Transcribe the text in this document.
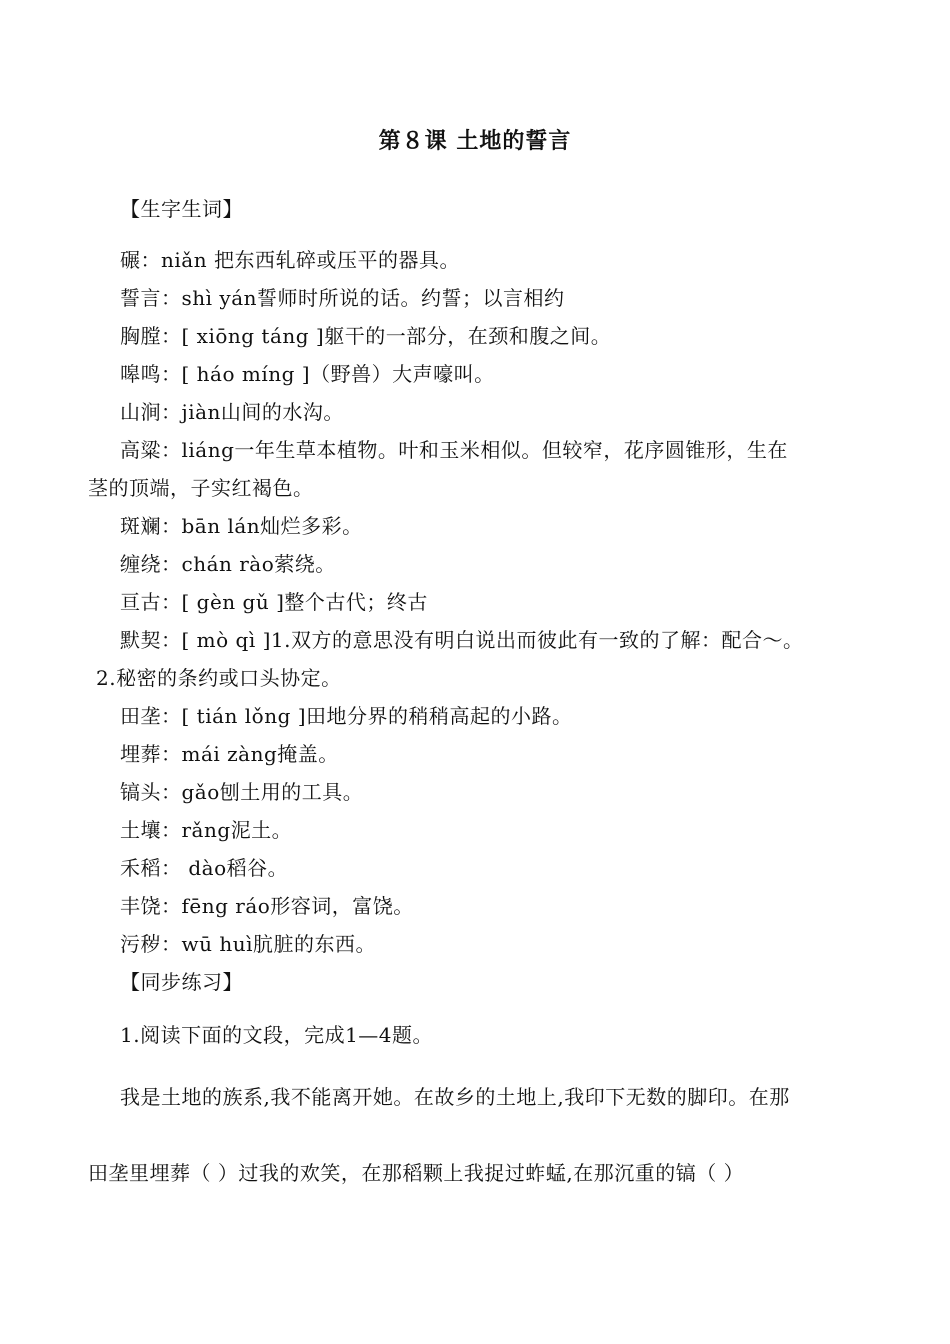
第８课 土地的誓言
【生字生词】
碾：niǎn 把东西轧碎或压平的器具。
誓言：shì yán誓师时所说的话。约誓；以言相约
胸膛：[ xiōng táng ]躯干的一部分，在颈和腹之间。
嗥鸣：[ háo míng ]（野兽）大声嚎叫。
山涧：jiàn山间的水沟。
高粱：liáng一年生草本植物。叶和玉米相似。但较窄，花序圆锥形，生在
茎的顶端，子实红褐色。
斑斓：bān lán灿烂多彩。
缠绕：chán rào萦绕。
亘古：[ gèn gǔ ]整个古代；终古
默契：[ mò qì ]1.双方的意思没有明白说出而彼此有一致的了解：配合～。
2.秘密的条约或口头协定。
田垄：[ tián lǒng ]田地分界的稍稍高起的小路。
埋葬：mái zàng掩盖。
镐头：gǎo刨土用的工具。
土壤：rǎng泥土。
禾稻： dào稻谷。
丰饶：fēng ráo形容词，富饶。
污秽：wū huì肮脏的东西。
【同步练习】
1.阅读下面的文段，完成1—4题。
我是土地的族系,我不能离开她。在故乡的土地上,我印下无数的脚印。在那
田垄里埋葬（ ）过我的欢笑，在那稻颗上我捉过蚱蜢,在那沉重的镐（ ）
